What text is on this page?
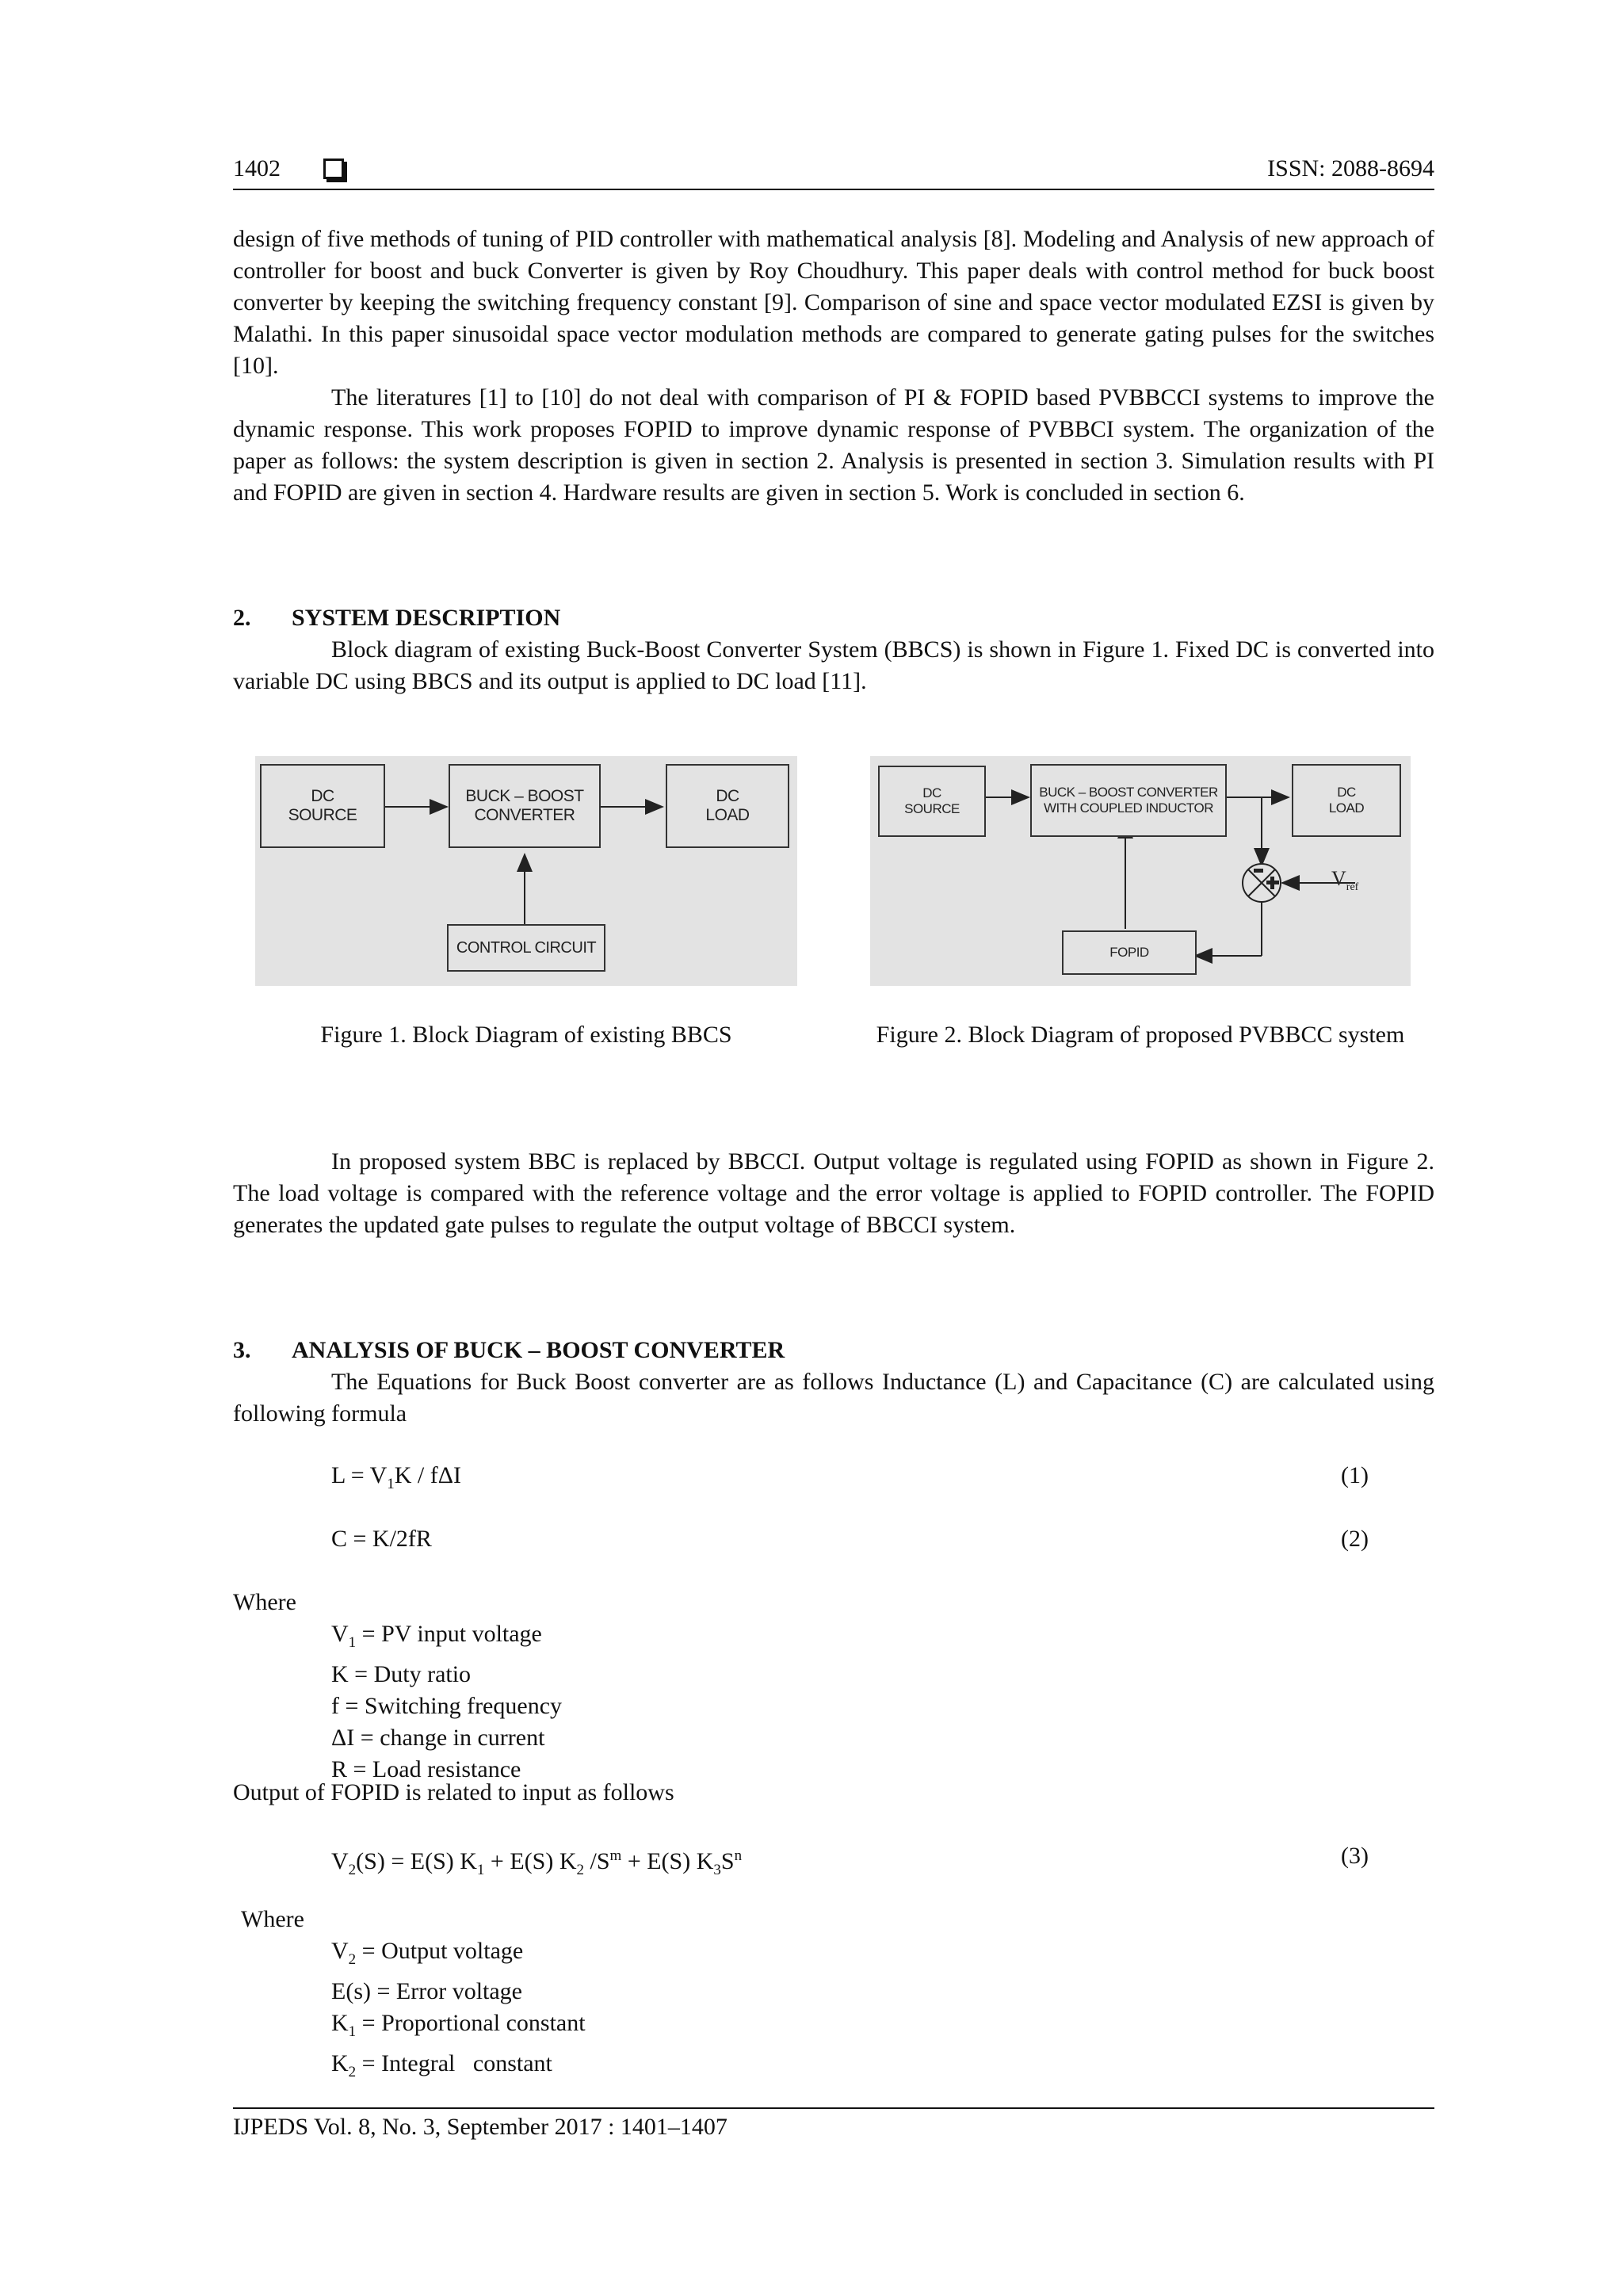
1402	ISSN: 2088-8694

design of five methods of tuning of PID controller with mathematical analysis [8]. Modeling and Analysis of new approach of controller for boost and buck Converter is given by Roy Choudhury. This paper deals with control method for buck boost converter by keeping the switching frequency constant [9]. Comparison of sine and space vector modulated EZSI is given by Malathi. In this paper sinusoidal space vector modulation methods are compared to generate gating pulses for the switches [10].

The literatures [1] to [10] do not deal with comparison of PI & FOPID based PVBBCCI systems to improve the dynamic response. This work proposes FOPID to improve dynamic response of PVBBCI system. The organization of the paper as follows: the system description is given in section 2. Analysis is presented in section 3. Simulation results with PI and FOPID are given in section 4. Hardware results are given in section 5. Work is concluded in section 6.

2. SYSTEM DESCRIPTION
Block diagram of existing Buck-Boost Converter System (BBCS) is shown in Figure 1. Fixed DC is converted into variable DC using BBCS and its output is applied to DC load [11].
DC
SOURCE
BUCK – BOOST
CONVERTER
DC
LOAD
CONTROL CIRCUIT
DC
SOURCE
BUCK – BOOST CONVERTER
WITH COUPLED INDUCTOR
DC
LOAD
FOPID
$V_{ref}$
Figure 1. Block Diagram of existing BBCS	Figure 2. Block Diagram of proposed PVBBCC system
In proposed system BBC is replaced by BBCCI. Output voltage is regulated using FOPID as shown in Figure 2. The load voltage is compared with the reference voltage and the error voltage is applied to FOPID controller. The FOPID generates the updated gate pulses to regulate the output voltage of BBCCI system.
3. ANALYSIS OF BUCK – BOOST CONVERTER
The Equations for Buck Boost converter are as follows Inductance (L) and Capacitance (C) are calculated using following formula
$L = V_1K / f\Delta I$	(1)
C = K/2fR	(2)
Where
$V_1$ = PV input voltage
K = Duty ratio
f = Switching frequency
ΔI = change in current
R = Load resistance
Output of FOPID is related to input as follows
$V_2(S) = E(S) K_1 + E(S)$ $K_2$ $/S^m + E(S)$ $K_3S^n$	(3)
Where
$V_2$ = Output voltage
E(s) = Error voltage
$K_1$ = Proportional constant
$K_2$ = Integral   constant
IJPEDS Vol. 8, No. 3, September 2017 : 1401–1407
